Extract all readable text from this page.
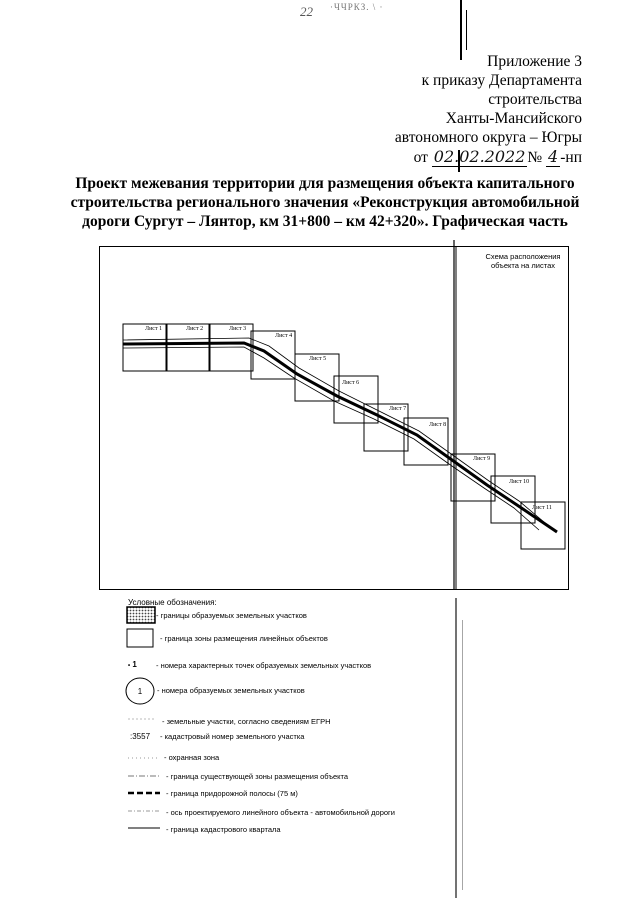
22 ·ЧЧРКЗ. \ ·
Приложение 3
к приказу Департамента
строительства
Ханты-Мансийского
автономного округа – Югры
от 02.02.2022 № 4 -нп
Проект межевания территории для размещения объекта капитального строительства регионального значения «Реконструкция автомобильной дороги Сургут – Лянтор, км 31+800 – км 42+320». Графическая часть
Схема расположения объекта на листах
Лист 1	Лист 2	Лист 3
Лист 4
Лист 5
Лист 6
Лист 7
Лист 8
Лист 9
Лист 10
Лист 11
Условные обозначения:
- границы образуемых земельных участков
- граница зоны размещения линейных объектов
• 1	- номера характерных точек образуемых земельных участков
1 - номера образуемых земельных участков
- земельные участки, согласно сведениям ЕГРН
:3557 - кадастровый номер земельного участка
- охранная зона
- граница существующей зоны размещения объекта
- граница придорожной полосы (75 м)
- ось проектируемого линейного объекта - автомобильной дороги
- граница кадастрового квартала
